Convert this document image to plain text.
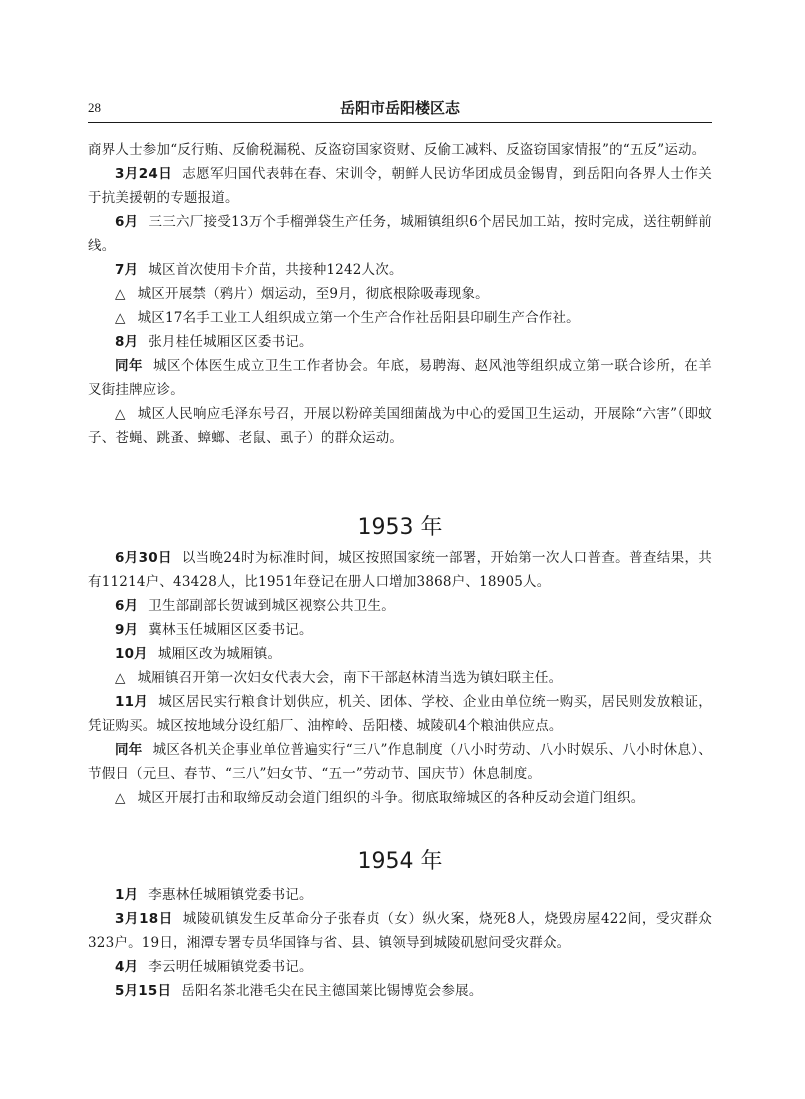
28	岳阳市岳阳楼区志

商界人士参加“反行贿、反偷税漏税、反盗窃国家资财、反偷工减料、反盗窃国家情报”的“五反”运动。

3月24日 志愿军归国代表韩在春、宋训令，朝鲜人民访华团成员金锡胄，到岳阳向各界人士作关于抗美援朝的专题报道。

6月 三三六厂接受13万个手榴弹袋生产任务，城厢镇组织6个居民加工站，按时完成，送往朝鲜前线。

7月 城区首次使用卡介苗，共接种1242人次。

△ 城区开展禁（鸦片）烟运动，至9月，彻底根除吸毒现象。

△ 城区17名手工业工人组织成立第一个生产合作社岳阳县印刷生产合作社。

8月 张月桂任城厢区区委书记。

同年 城区个体医生成立卫生工作者协会。年底，易聘海、赵风池等组织成立第一联合诊所，在羊叉街挂牌应诊。

△ 城区人民响应毛泽东号召，开展以粉碎美国细菌战为中心的爱国卫生运动，开展除“六害”（即蚊子、苍蝇、跳蚤、蟑螂、老鼠、虱子）的群众运动。

1953 年

6月30日 以当晚24时为标准时间，城区按照国家统一部署，开始第一次人口普查。普查结果，共有11214户、43428人，比1951年登记在册人口增加3868户、18905人。

6月 卫生部副部长贺诚到城区视察公共卫生。

9月 冀林玉任城厢区区委书记。

10月 城厢区改为城厢镇。

△ 城厢镇召开第一次妇女代表大会，南下干部赵林清当选为镇妇联主任。

11月 城区居民实行粮食计划供应，机关、团体、学校、企业由单位统一购买，居民则发放粮证，凭证购买。城区按地域分设红船厂、油榨岭、岳阳楼、城陵矶4个粮油供应点。

同年 城区各机关企事业单位普遍实行“三八”作息制度（八小时劳动、八小时娱乐、八小时休息）、节假日（元旦、春节、“三八”妇女节、“五一”劳动节、国庆节）休息制度。

△ 城区开展打击和取缔反动会道门组织的斗争。彻底取缔城区的各种反动会道门组织。

1954 年

1月 李惠林任城厢镇党委书记。

3月18日 城陵矶镇发生反革命分子张春贞（女）纵火案，烧死8人，烧毁房屋422间，受灾群众323户。19日，湘潭专署专员华国锋与省、县、镇领导到城陵矶慰问受灾群众。

4月 李云明任城厢镇党委书记。

5月15日 岳阳名茶北港毛尖在民主德国莱比锡博览会参展。
